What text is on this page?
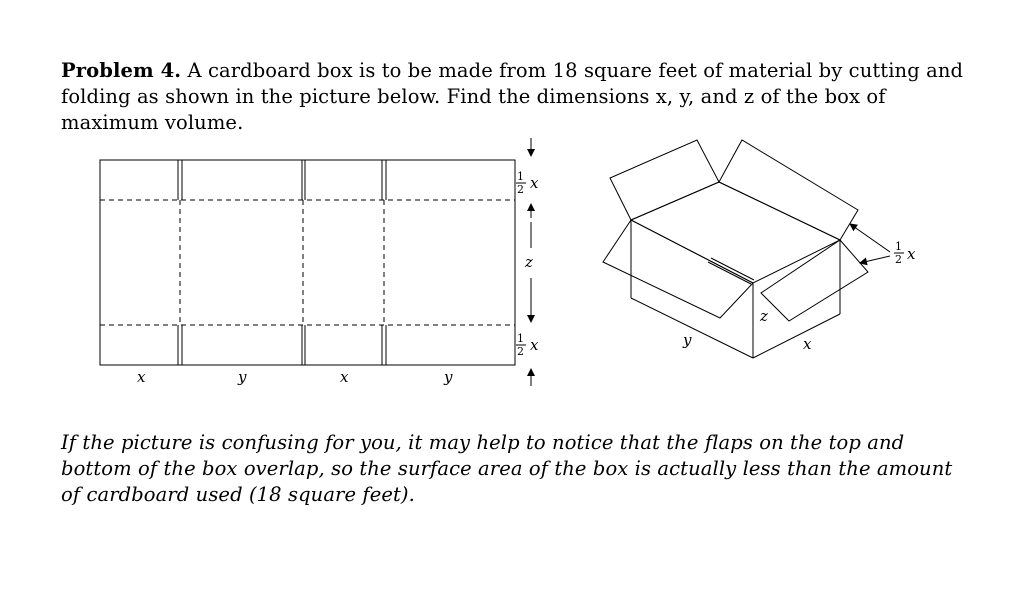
Problem 4. A cardboard box is to be made from 18 square feet of material by cutting and folding as shown in the picture below. Find the dimensions x, y, and z of the box of maximum volume.
x	y	x	y
1
2 x
z
1
2 x	y
z
x
1
2 x
If the picture is confusing for you, it may help to notice that the flaps on the top and bottom of the box overlap, so the surface area of the box is actually less than the amount of cardboard used (18 square feet).
